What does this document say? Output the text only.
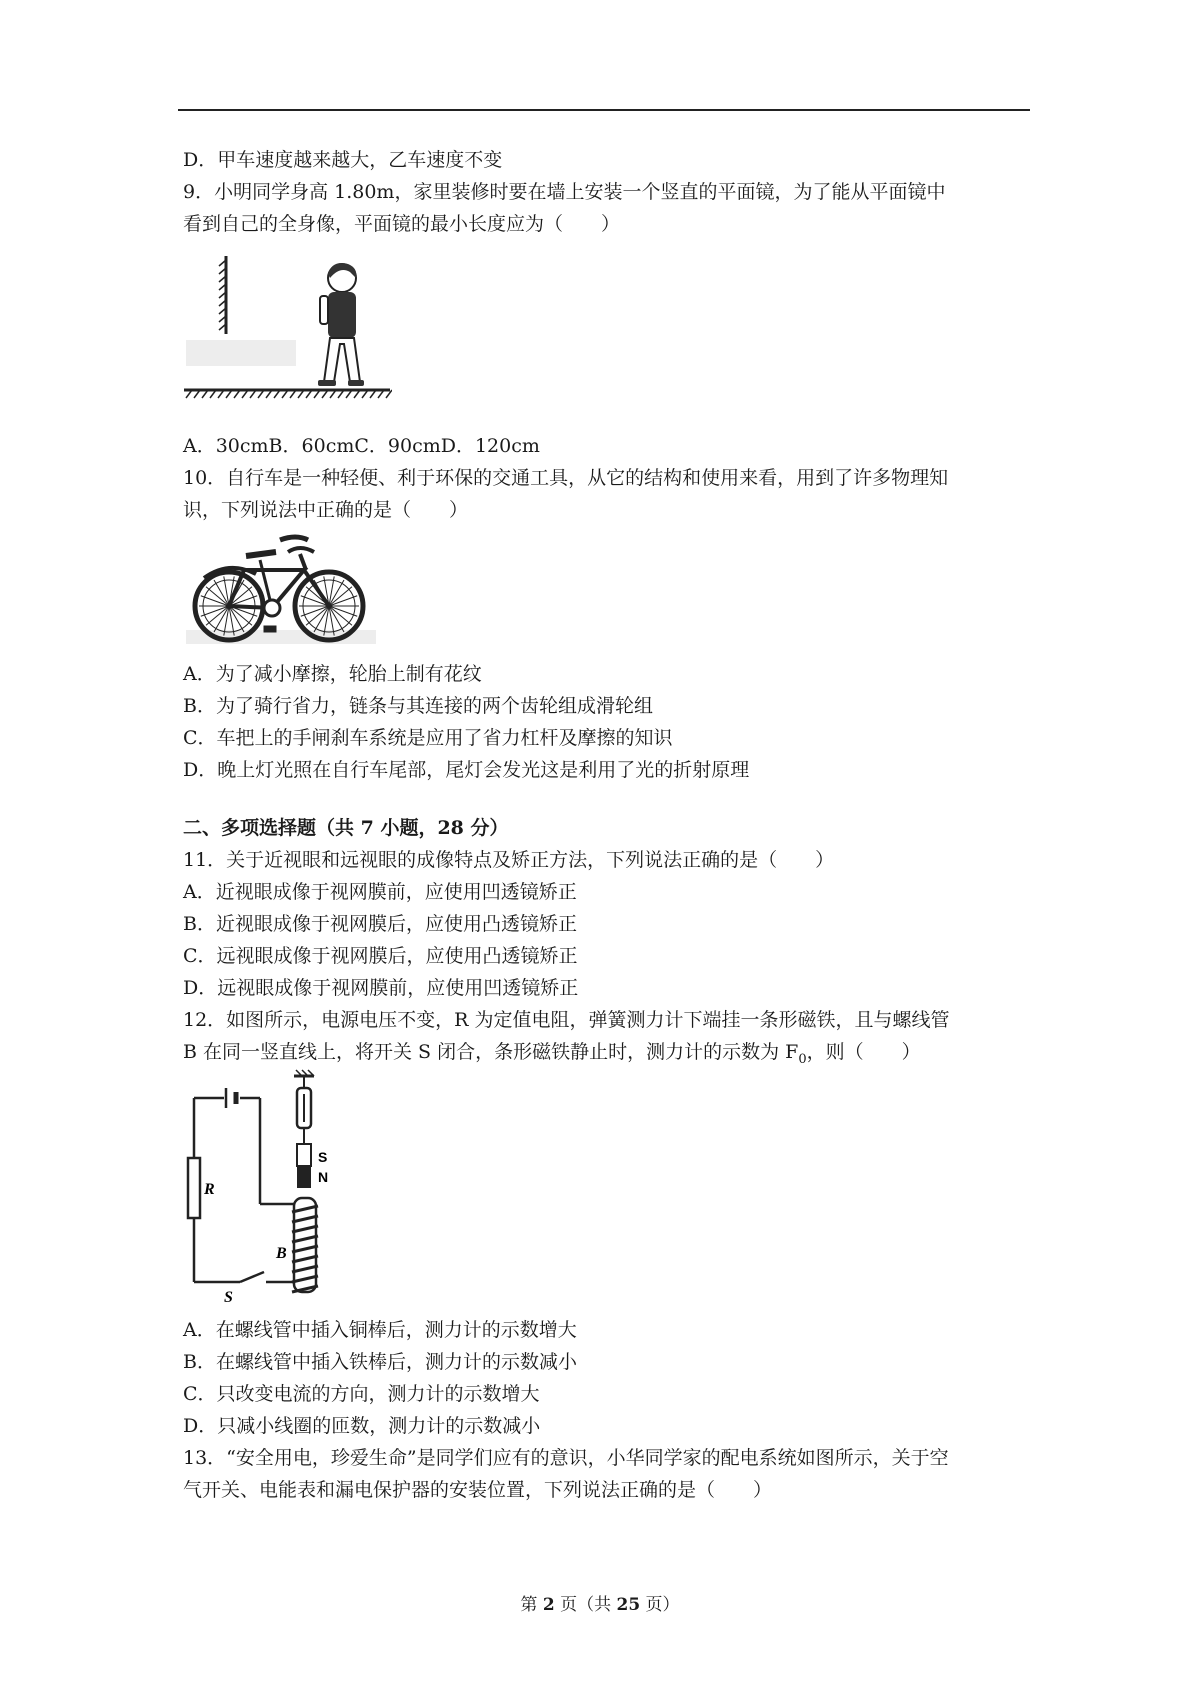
D．甲车速度越来越大，乙车速度不变
9．小明同学身高 1.80m，家里装修时要在墙上安装一个竖直的平面镜，为了能从平面镜中
看到自己的全身像，平面镜的最小长度应为（　　）
A．30cmB．60cmC．90cmD．120cm
10．自行车是一种轻便、利于环保的交通工具，从它的结构和使用来看，用到了许多物理知
识，下列说法中正确的是（　　）
A．为了减小摩擦，轮胎上制有花纹
B．为了骑行省力，链条与其连接的两个齿轮组成滑轮组
C．车把上的手闸刹车系统是应用了省力杠杆及摩擦的知识
D．晚上灯光照在自行车尾部，尾灯会发光这是利用了光的折射原理
二、多项选择题（共 7 小题，28 分）
11．关于近视眼和远视眼的成像特点及矫正方法，下列说法正确的是（　　）
A．近视眼成像于视网膜前，应使用凹透镜矫正
B．近视眼成像于视网膜后，应使用凸透镜矫正
C．远视眼成像于视网膜后，应使用凸透镜矫正
D．远视眼成像于视网膜前，应使用凹透镜矫正
12．如图所示，电源电压不变，R 为定值电阻，弹簧测力计下端挂一条形磁铁，且与螺线管
B 在同一竖直线上，将开关 S 闭合，条形磁铁静止时，测力计的示数为 $F_0$，则（　　）
A．在螺线管中插入铜棒后，测力计的示数增大
B．在螺线管中插入铁棒后，测力计的示数减小
C．只改变电流的方向，测力计的示数增大
D．只减小线圈的匝数，测力计的示数减小
13．“安全用电，珍爱生命”是同学们应有的意识，小华同学家的配电系统如图所示，关于空
气开关、电能表和漏电保护器的安装位置，下列说法正确的是（　　）
R
B
S
S
N
第 2 页（共 25 页）
